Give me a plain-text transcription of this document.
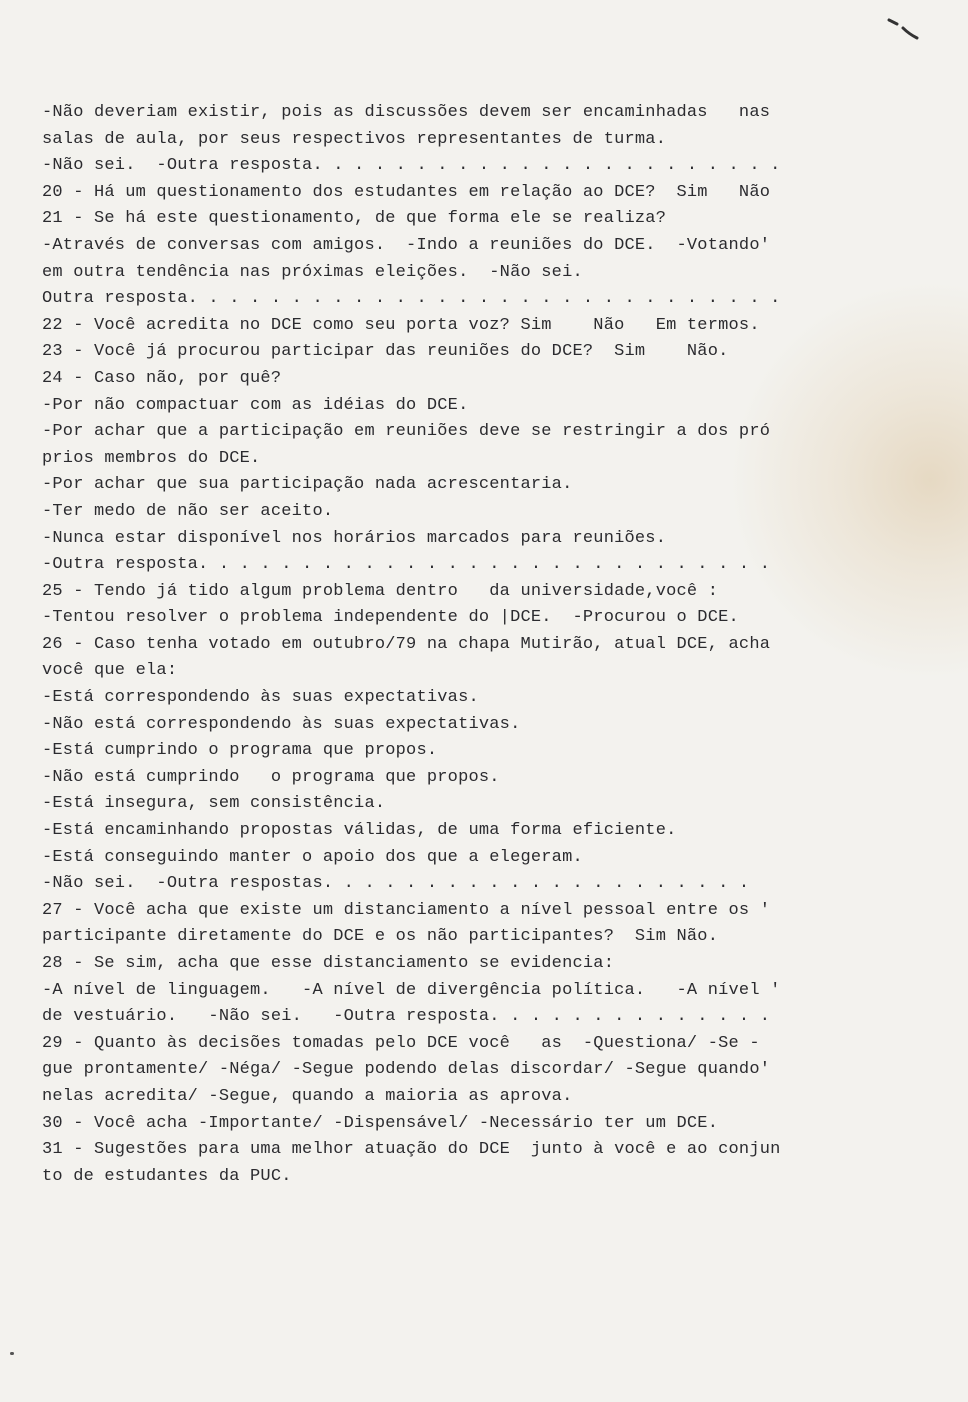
-Não deveriam existir, pois as discussões devem ser encaminhadas   nas
salas de aula, por seus respectivos representantes de turma.
-Não sei.  -Outra resposta. . . . . . . . . . . . . . . . . . . . . . .
20 - Há um questionamento dos estudantes em relação ao DCE?  Sim   Não
21 - Se há este questionamento, de que forma ele se realiza?
-Através de conversas com amigos.  -Indo a reuniões do DCE.  -Votando'
em outra tendência nas próximas eleições.  -Não sei.
Outra resposta. . . . . . . . . . . . . . . . . . . . . . . . . . . . .
22 - Você acredita no DCE como seu porta voz? Sim    Não   Em termos.
23 - Você já procurou participar das reuniões do DCE?  Sim    Não.
24 - Caso não, por quê?
-Por não compactuar com as idéias do DCE.
-Por achar que a participação em reuniões deve se restringir a dos pró
prios membros do DCE.
-Por achar que sua participação nada acrescentaria.
-Ter medo de não ser aceito.
-Nunca estar disponível nos horários marcados para reuniões.
-Outra resposta. . . . . . . . . . . . . . . . . . . . . . . . . . . .
25 - Tendo já tido algum problema dentro   da universidade,você :
-Tentou resolver o problema independente do |DCE.  -Procurou o DCE.
26 - Caso tenha votado em outubro/79 na chapa Mutirão, atual DCE, acha
você que ela:
-Está correspondendo às suas expectativas.
-Não está correspondendo às suas expectativas.
-Está cumprindo o programa que propos.
-Não está cumprindo   o programa que propos.
-Está insegura, sem consistência.
-Está encaminhando propostas válidas, de uma forma eficiente.
-Está conseguindo manter o apoio dos que a elegeram.
-Não sei.  -Outra respostas. . . . . . . . . . . . . . . . . . . . .
27 - Você acha que existe um distanciamento a nível pessoal entre os '
participante diretamente do DCE e os não participantes?  Sim Não.
28 - Se sim, acha que esse distanciamento se evidencia:
-A nível de linguagem.   -A nível de divergência política.   -A nível '
de vestuário.   -Não sei.   -Outra resposta. . . . . . . . . . . . . .
29 - Quanto às decisões tomadas pelo DCE você   as  -Questiona/ -Se -
gue prontamente/ -Néga/ -Segue podendo delas discordar/ -Segue quando'
nelas acredita/ -Segue, quando a maioria as aprova.
30 - Você acha -Importante/ -Dispensável/ -Necessário ter um DCE.
31 - Sugestões para uma melhor atuação do DCE  junto à você e ao conjun
to de estudantes da PUC.
